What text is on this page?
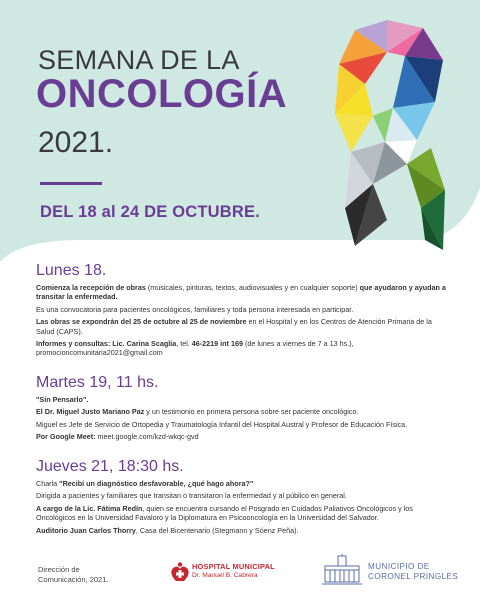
SEMANA DE LA
ONCOLOGÍA
2021.
DEL 18 al 24 DE OCTUBRE.
Lunes 18.
Comienza la recepción de obras (musicales, pinturas, textos, audiovisuales y en cualquier soporte) que ayudaron y ayudan a transitar la enfermedad.
Es una convocatoria para pacientes oncológicos, familiares y toda persona interesada en participar.
Las obras se expondrán del 25 de octubre al 25 de noviembre en el Hospital y en los Centros de Atención Primaria de la Salud (CAPS).
Informes y consultas: Lic. Carina Scaglia, tel. 46-2219 int 169 (de lunes a viernes de 7 a 13 hs.),
promocioncomunitaria2021@gmail.com
Martes 19, 11 hs.
"Sin Pensarlo".
El Dr. Miguel Justo Mariano Paz y un testimonio en primera persona sobre ser paciente oncológico.
Miguel es Jefe de Servicio de Ortopedia y Traumatología Infantil del Hospital Austral y Profesor de Educación Física.
Por Google Meet: meet.google.com/kzd-wkqc-gvd
Jueves 21, 18:30 hs.
Charla "Recibí un diagnóstico desfavorable, ¿qué hago ahora?"
Dirigida a pacientes y familiares que transitan o transitaron la enfermedad y al público en general.
A cargo de la Lic. Fátima Redín, quien se encuentra cursando el Posgrado en Cuidados Paliativos Oncológicos y los Oncológicos en la Universidad Favaloro y la Diplomatura en Psicooncología en la Universidad del Salvador.
Auditorio Juan Carlos Thorry, Casa del Bicentenario (Stegmann y Sóenz Peña).
Dirección de
Comunicación, 2021.
HOSPITAL MUNICIPAL
Dr. Manuel B. Cabrera
MUNICIPIO DE
CORONEL PRINGLES
